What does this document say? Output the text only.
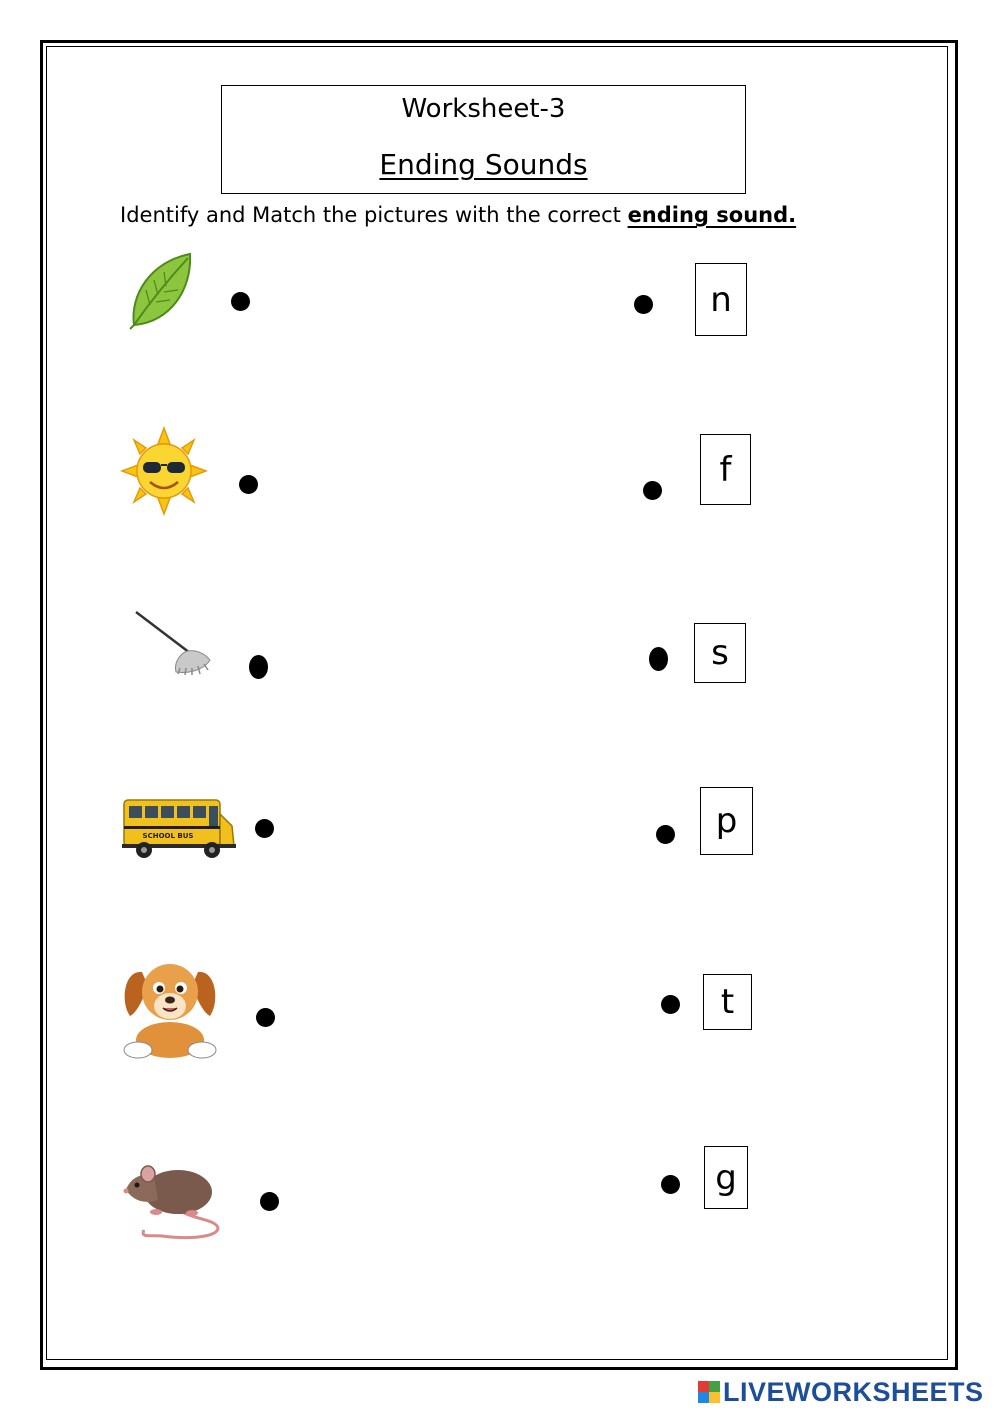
Worksheet-3
Ending Sounds
Identify and Match the pictures with the correct ending sound.
SCHOOL BUS
n
f
s
p
t
g
LIVEWORKSHEETS
